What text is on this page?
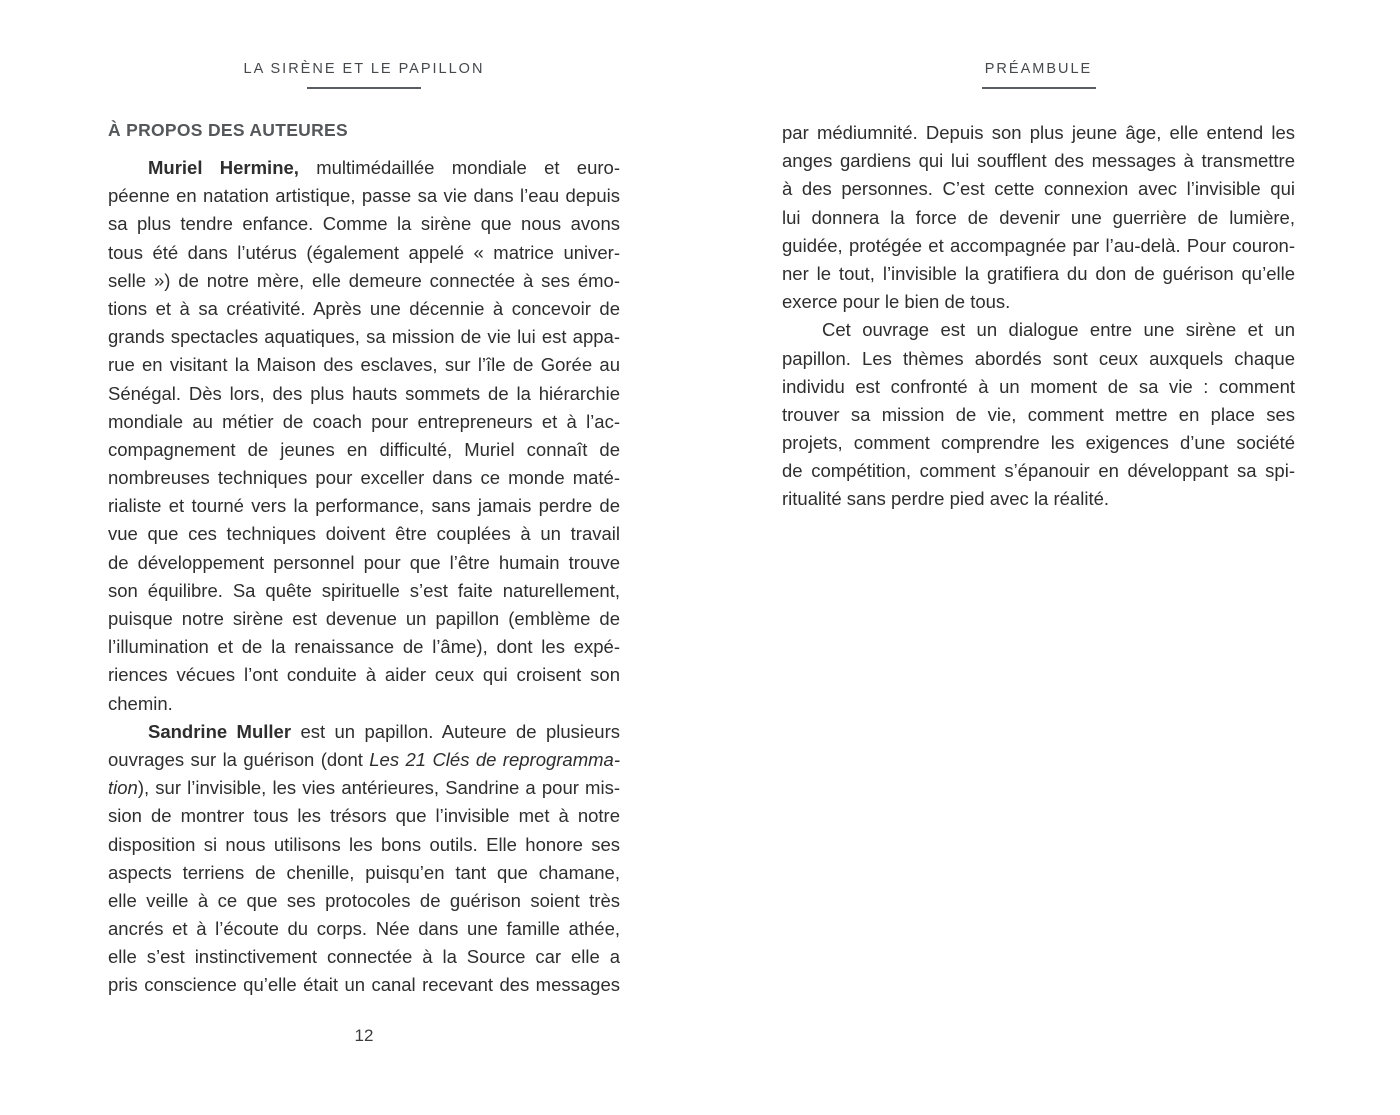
LA SIRÈNE ET LE PAPILLON
À PROPOS DES AUTEURES
Muriel Hermine, multimédaillée mondiale et euro-
péenne en natation artistique, passe sa vie dans l’eau depuis
sa plus tendre enfance. Comme la sirène que nous avons
tous été dans l’utérus (également appelé « matrice univer-
selle ») de notre mère, elle demeure connectée à ses émo-
tions et à sa créativité. Après une décennie à concevoir de
grands spectacles aquatiques, sa mission de vie lui est appa-
rue en visitant la Maison des esclaves, sur l’île de Gorée au
Sénégal. Dès lors, des plus hauts sommets de la hiérarchie
mondiale au métier de coach pour entrepreneurs et à l’ac-
compagnement de jeunes en difficulté, Muriel connaît de
nombreuses techniques pour exceller dans ce monde maté-
rialiste et tourné vers la performance, sans jamais perdre de
vue que ces techniques doivent être couplées à un travail
de développement personnel pour que l’être humain trouve
son équilibre. Sa quête spirituelle s’est faite naturellement,
puisque notre sirène est devenue un papillon (emblème de
l’illumination et de la renaissance de l’âme), dont les expé-
riences vécues l’ont conduite à aider ceux qui croisent son
chemin.
Sandrine Muller est un papillon. Auteure de plusieurs
ouvrages sur la guérison (dont Les 21 Clés de reprogramma-
tion), sur l’invisible, les vies antérieures, Sandrine a pour mis-
sion de montrer tous les trésors que l’invisible met à notre
disposition si nous utilisons les bons outils. Elle honore ses
aspects terriens de chenille, puisqu’en tant que chamane,
elle veille à ce que ses protocoles de guérison soient très
ancrés et à l’écoute du corps. Née dans une famille athée,
elle s’est instinctivement connectée à la Source car elle a
pris conscience qu’elle était un canal recevant des messages
12
PRÉAMBULE
par médiumnité. Depuis son plus jeune âge, elle entend les
anges gardiens qui lui soufflent des messages à transmettre
à des personnes. C’est cette connexion avec l’invisible qui
lui donnera la force de devenir une guerrière de lumière,
guidée, protégée et accompagnée par l’au-delà. Pour couron-
ner le tout, l’invisible la gratifiera du don de guérison qu’elle
exerce pour le bien de tous.
Cet ouvrage est un dialogue entre une sirène et un
papillon. Les thèmes abordés sont ceux auxquels chaque
individu est confronté à un moment de sa vie : comment
trouver sa mission de vie, comment mettre en place ses
projets, comment comprendre les exigences d’une société
de compétition, comment s’épanouir en développant sa spi-
ritualité sans perdre pied avec la réalité.
